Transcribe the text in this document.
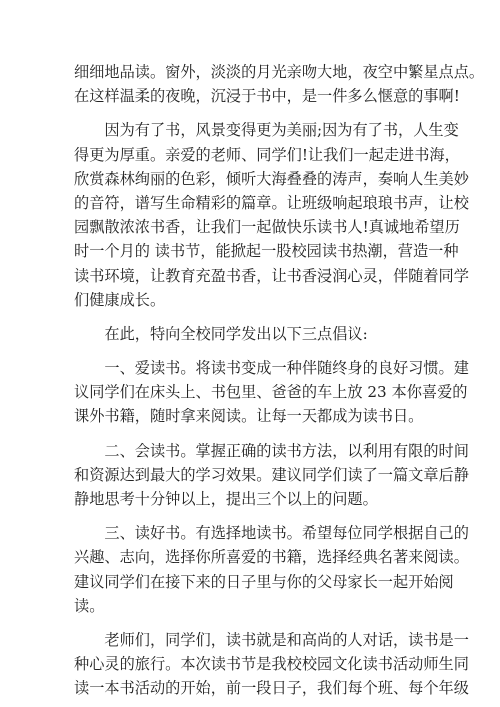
细细地品读。窗外，淡淡的月光亲吻大地，夜空中繁星点点。
在这样温柔的夜晚，沉浸于书中，是一件多么惬意的事啊!
　　因为有了书，风景变得更为美丽;因为有了书，人生变
得更为厚重。亲爱的老师、同学们!让我们一起走进书海，
欣赏森林绚丽的色彩，倾听大海叠叠的涛声，奏响人生美妙
的音符，谱写生命精彩的篇章。让班级响起琅琅书声，让校
园飘散浓浓书香，让我们一起做快乐读书人!真诚地希望历
时一个月的 读书节，能掀起一股校园读书热潮，营造一种
读书环境，让教育充盈书香，让书香浸润心灵，伴随着同学
们健康成长。
　　在此，特向全校同学发出以下三点倡议:
　　一、爱读书。将读书变成一种伴随终身的良好习惯。建
议同学们在床头上、书包里、爸爸的车上放 23 本你喜爱的
课外书籍，随时拿来阅读。让每一天都成为读书日。
　　二、会读书。掌握正确的读书方法，以利用有限的时间
和资源达到最大的学习效果。建议同学们读了一篇文章后静
静地思考十分钟以上，提出三个以上的问题。
　　三、读好书。有选择地读书。希望每位同学根据自己的
兴趣、志向，选择你所喜爱的书籍，选择经典名著来阅读。
建议同学们在接下来的日子里与你的父母家长一起开始阅
读。
　　老师们，同学们，读书就是和高尚的人对话，读书是一
种心灵的旅行。本次读书节是我校校园文化读书活动师生同
读一本书活动的开始，前一段日子，我们每个班、每个年级
